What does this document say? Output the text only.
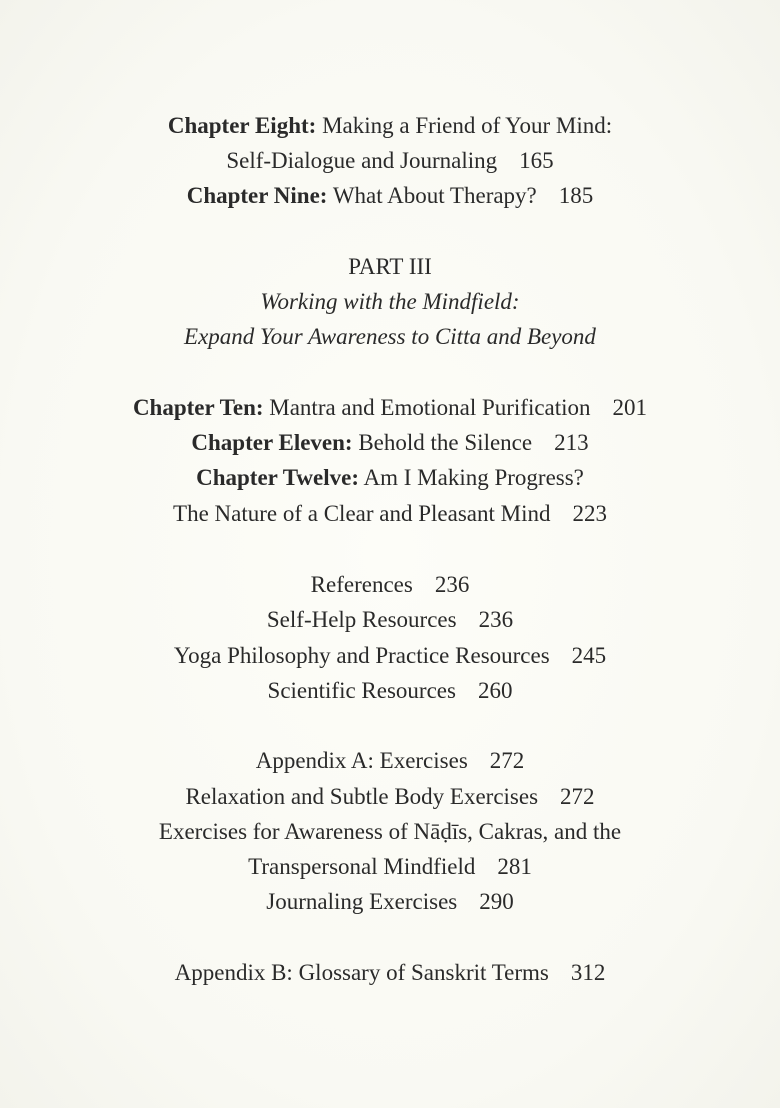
Chapter Eight: Making a Friend of Your Mind:
Self-Dialogue and Journaling 165
Chapter Nine: What About Therapy? 185
PART III
Working with the Mindfield:
Expand Your Awareness to Citta and Beyond
Chapter Ten: Mantra and Emotional Purification 201
Chapter Eleven: Behold the Silence 213
Chapter Twelve: Am I Making Progress?
The Nature of a Clear and Pleasant Mind 223
References 236
Self-Help Resources 236
Yoga Philosophy and Practice Resources 245
Scientific Resources 260
Appendix A: Exercises 272
Relaxation and Subtle Body Exercises 272
Exercises for Awareness of Nāḍīs, Cakras, and the
Transpersonal Mindfield 281
Journaling Exercises 290
Appendix B: Glossary of Sanskrit Terms 312
